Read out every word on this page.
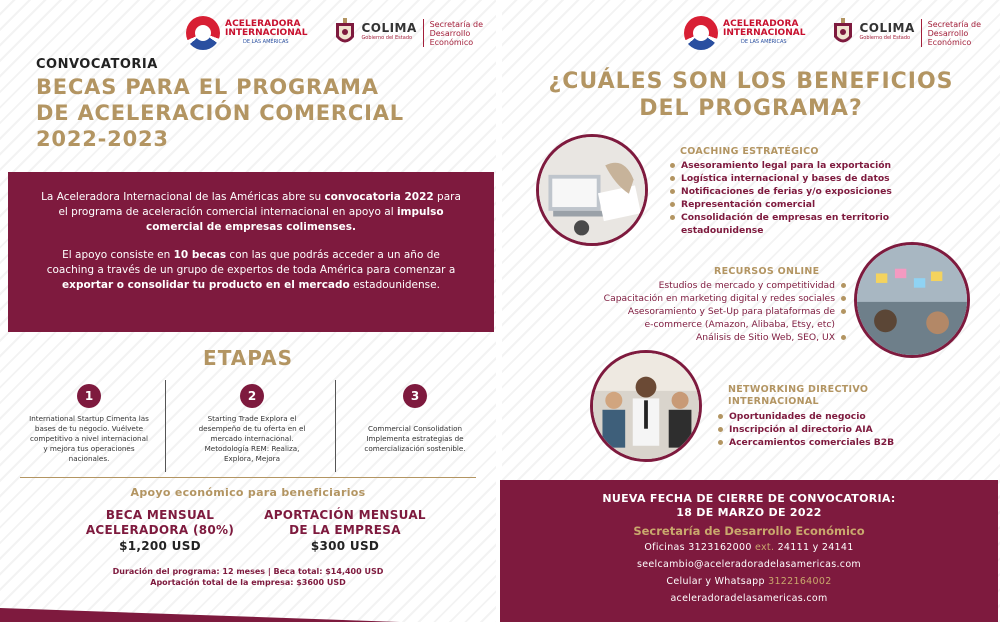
ACELERADORA
INTERNACIONAL
DE LAS AMÉRICAS
COLIMA
Gobierno del Estado
Secretaría de
Desarrollo Económico
CONVOCATORIA
BECAS PARA EL PROGRAMA
DE ACELERACIÓN COMERCIAL
2022-2023

La Aceleradora Internacional de las Américas abre su convocatoria 2022 para el programa de aceleración comercial internacional en apoyo al impulso comercial de empresas colimenses.

El apoyo consiste en 10 becas con las que podrás acceder a un año de coaching a través de un grupo de expertos de toda América para comenzar a exportar o consolidar tu producto en el mercado estadounidense.

ETAPAS
1
International Startup Cimenta las
bases de tu negocio. Vuélvete
competitivo a nivel internacional
y mejora tus operaciones
nacionales.
2
Starting Trade Explora el
desempeño de tu oferta en el
mercado internacional.
Metodología REM: Realiza,
Explora, Mejora
3
Commercial Consolidation
Implementa estrategias de
comercialización sostenible.
Apoyo económico para beneficiarios
BECA MENSUAL
ACELERADORA (80%)
$1,200 USD
APORTACIÓN MENSUAL
DE LA EMPRESA
$300 USD
Duración del programa: 12 meses | Beca total: $14,400 USD
Aportación total de la empresa: $3600 USD
ACELERADORA
INTERNACIONAL
DE LAS AMÉRICAS
COLIMA
Gobierno del Estado
Secretaría de
Desarrollo Económico
¿CUÁLES SON LOS BENEFICIOS
DEL PROGRAMA?
COACHING ESTRATÉGICO
Asesoramiento legal para la exportación
Logística internacional y bases de datos
Notificaciones de ferias y/o exposiciones
Representación comercial
Consolidación de empresas en territorio
estadounidense
RECURSOS ONLINE
Estudios de mercado y competitividad
Capacitación en marketing digital y redes sociales
Asesoramiento y Set-Up para plataformas de
e-commerce (Amazon, Alibaba, Etsy, etc)
Análisis de Sitio Web, SEO, UX
NETWORKING DIRECTIVO
INTERNACIONAL
Oportunidades de negocio
Inscripción al directorio AIA
Acercamientos comerciales B2B
NUEVA FECHA DE CIERRE DE CONVOCATORIA:
18 DE MARZO DE 2022
Secretaría de Desarrollo Económico
Oficinas 3123162000 ext. 24111 y 24141
seelcambio@aceleradoradelasamericas.com
Celular y Whatsapp 3122164002
aceleradoradelasamericas.com
